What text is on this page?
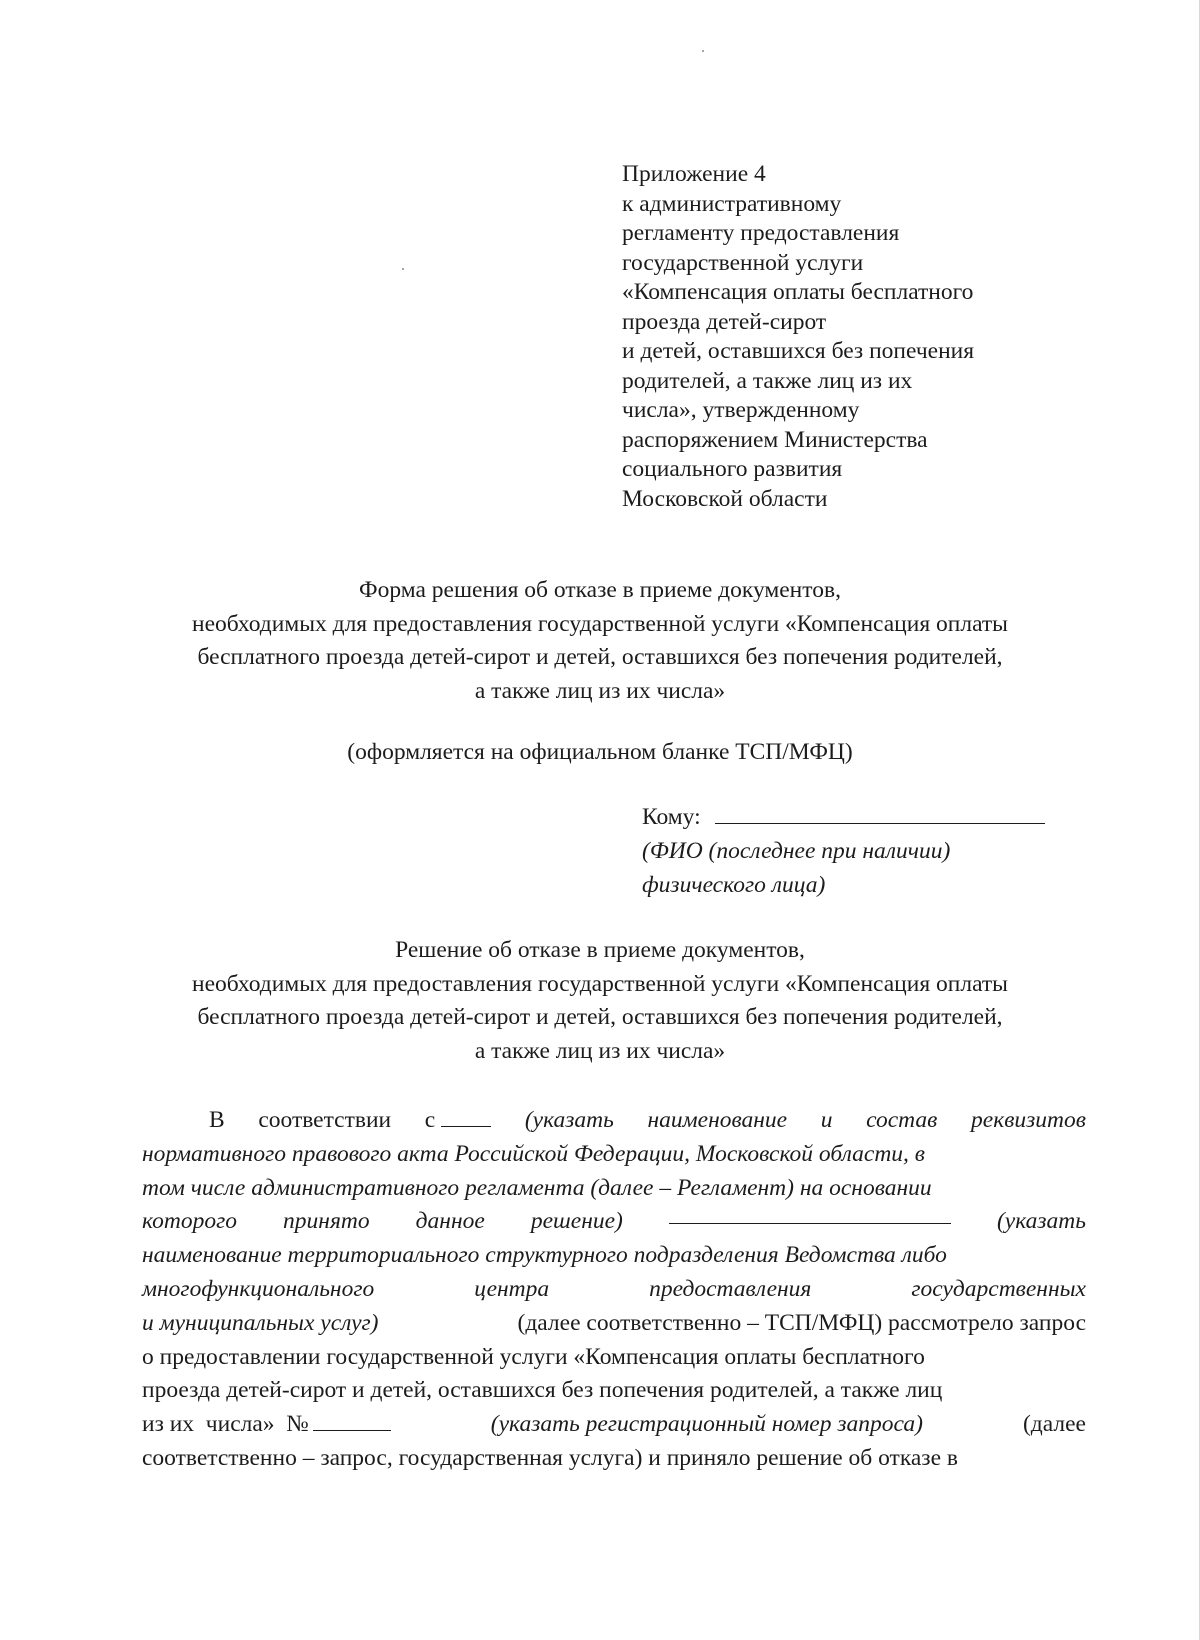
Приложение 4
к административному
регламенту предоставления
государственной услуги
«Компенсация оплаты бесплатного
проезда детей-сирот
и детей, оставшихся без попечения
родителей, а также лиц из их
числа», утвержденному
распоряжением Министерства
социального развития
Московской области
Форма решения об отказе в приеме документов,
необходимых для предоставления государственной услуги «Компенсация оплаты
бесплатного проезда детей-сирот и детей, оставшихся без попечения родителей,
а также лиц из их числа»
(оформляется на официальном бланке ТСП/МФЦ)
Кому:
(ФИО (последнее при наличии)
физического лица)
Решение об отказе в приеме документов,
необходимых для предоставления государственной услуги «Компенсация оплаты
бесплатного проезда детей-сирот и детей, оставшихся без попечения родителей,
а также лиц из их числа»
В соответствии с	(указать наименование и состав реквизитов
нормативного правового акта Российской Федерации, Московской области, в
том числе административного регламента (далее – Регламент) на основании
которого принято данное решение)	(указать
наименование территориального структурного подразделения Ведомства либо
многофункционального	центра	предоставления	государственных
и муниципальных услуг)	(далее соответственно – ТСП/МФЦ) рассмотрело запрос
о предоставлении государственной услуги «Компенсация оплаты бесплатного
проезда детей-сирот и детей, оставшихся без попечения родителей, а также лиц
из их  числа»  №	(указать регистрационный номер запроса)	(далее
соответственно – запрос, государственная услуга) и приняло решение об отказе в
